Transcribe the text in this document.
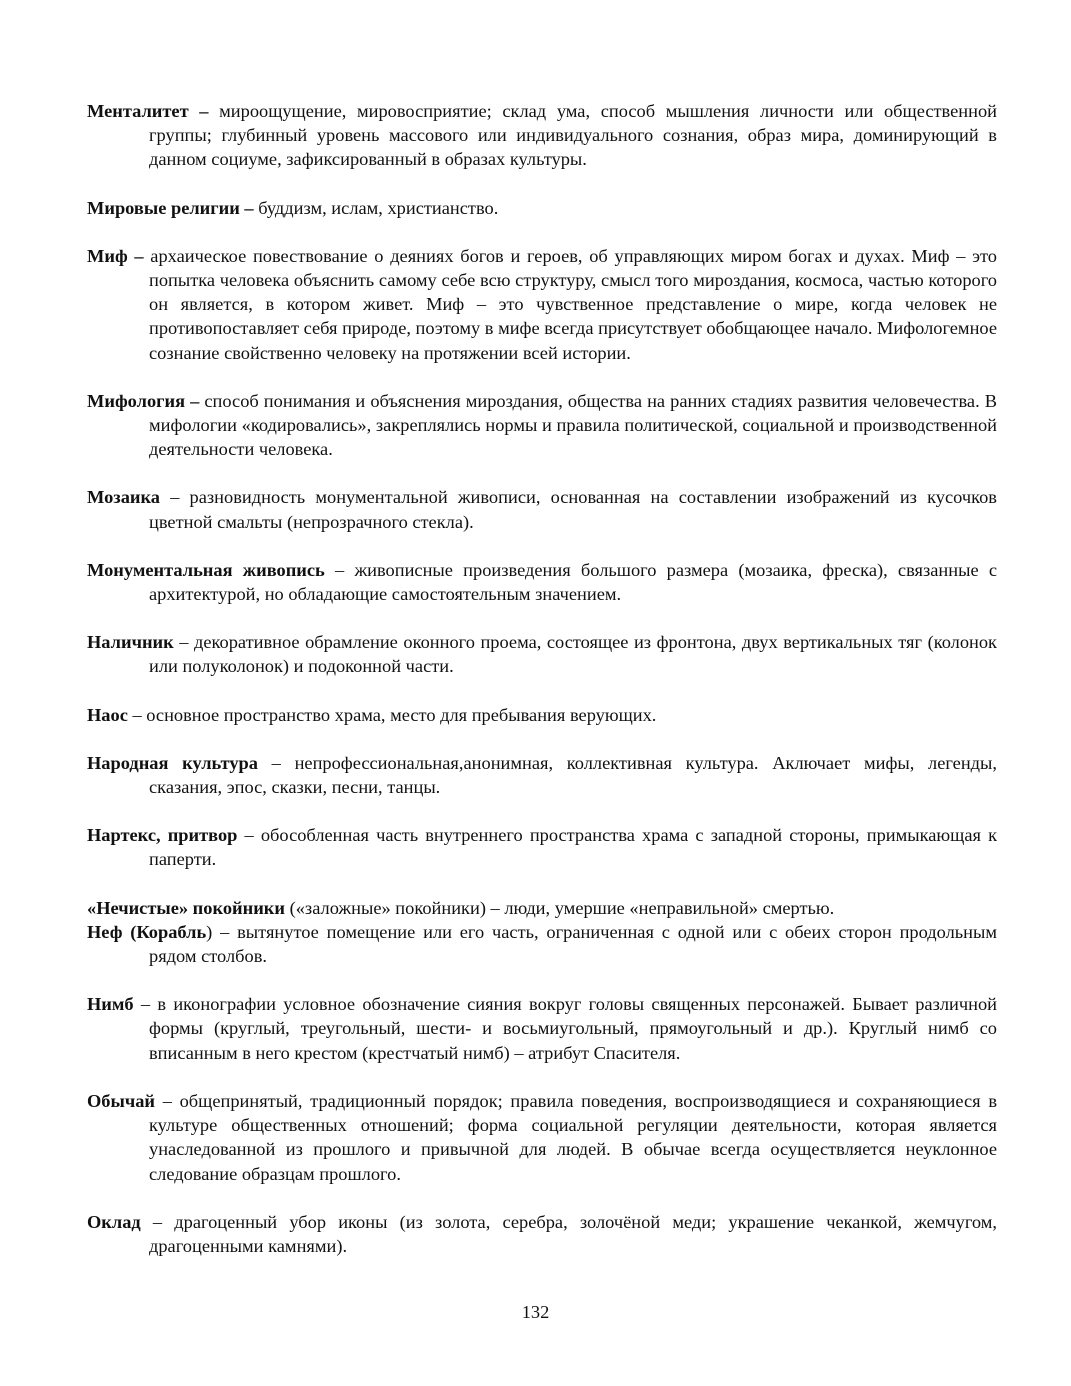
Менталитет – мироощущение, мировосприятие; склад ума, способ мышления личности или общественной группы; глубинный уровень массового или индивидуального сознания, образ мира, доминирующий в данном социуме, зафиксированный в образах культуры.

Мировые религии – буддизм, ислам, христианство.

Миф – архаическое повествование о деяниях богов и героев, об управляющих миром богах и духах. Миф – это попытка человека объяснить самому себе всю структуру, смысл того мироздания, космоса, частью которого он является, в котором живет. Миф – это чувственное представление о мире, когда человек не противопоставляет себя природе, поэтому в мифе всегда присутствует обобщающее начало. Мифологемное сознание свойственно человеку на протяжении всей истории.

Мифология – способ понимания и объяснения мироздания, общества на ранних стадиях развития человечества. В мифологии «кодировались», закреплялись нормы и правила политической, социальной и производственной деятельности человека.

Мозаика – разновидность монументальной живописи, основанная на составлении изображений из кусочков цветной смальты (непрозрачного стекла).

Монументальная живопись – живописные произведения большого размера (мозаика, фреска), связанные с архитектурой, но обладающие самостоятельным значением.

Наличник – декоративное обрамление оконного проема, состоящее из фронтона, двух вертикальных тяг (колонок или полуколонок) и подоконной части.

Наос – основное пространство храма, место для пребывания верующих.

Народная культура – непрофессиональная,анонимная, коллективная культура. Аключает мифы, легенды, сказания, эпос, сказки, песни, танцы.

Нартекс, притвор – обособленная часть внутреннего пространства храма с западной стороны, примыкающая к паперти.

«Нечистые» покойники («заложные» покойники) – люди, умершие «неправильной» смертью.

Неф (Корабль) – вытянутое помещение или его часть, ограниченная с одной или с обеих сторон продольным рядом столбов.

Нимб – в иконографии условное обозначение сияния вокруг головы священных персонажей. Бывает различной формы (круглый, треугольный, шести- и восьмиугольный, прямоугольный и др.). Круглый нимб со вписанным в него крестом (крестчатый нимб) – атрибут Спасителя.

Обычай – общепринятый, традиционный порядок; правила поведения, воспроизводящиеся и сохраняющиеся в культуре общественных отношений; форма социальной регуляции деятельности, которая является унаследованной из прошлого и привычной для людей. В обычае всегда осуществляется неуклонное следование образцам прошлого.

Оклад – драгоценный убор иконы (из золота, серебра, золочёной меди; украшение чеканкой, жемчугом, драгоценными камнями).

132
